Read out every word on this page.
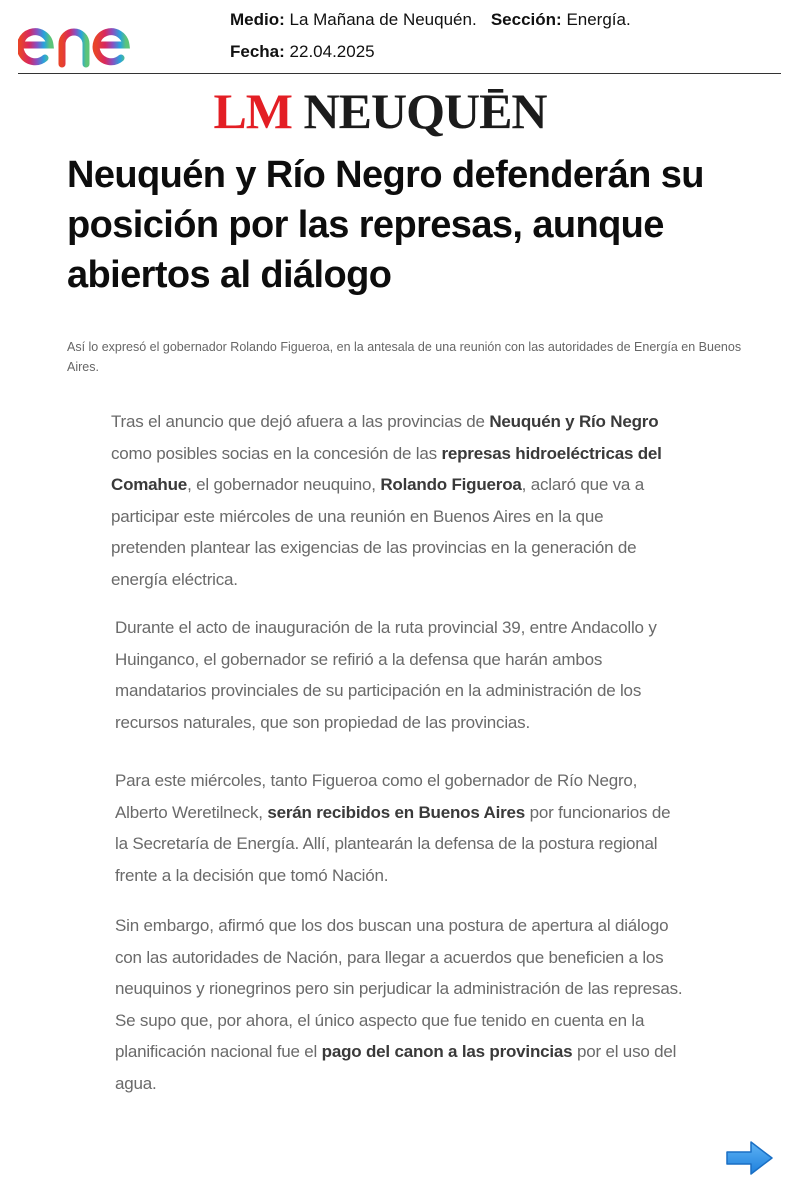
Medio: La Mañana de Neuquén. Sección: Energía.
Fecha: 22.04.2025
LM NEUQUĒN
Neuquén y Río Negro defenderán su posición por las represas, aunque abiertos al diálogo

Así lo expresó el gobernador Rolando Figueroa, en la antesala de una reunión con las autoridades de Energía en Buenos Aires.

Tras el anuncio que dejó afuera a las provincias de Neuquén y Río Negro como posibles socias en la concesión de las represas hidroeléctricas del Comahue, el gobernador neuquino, Rolando Figueroa, aclaró que va a participar este miércoles de una reunión en Buenos Aires en la que pretenden plantear las exigencias de las provincias en la generación de energía eléctrica.

Durante el acto de inauguración de la ruta provincial 39, entre Andacollo y Huinganco, el gobernador se refirió a la defensa que harán ambos mandatarios provinciales de su participación en la administración de los recursos naturales, que son propiedad de las provincias.

Para este miércoles, tanto Figueroa como el gobernador de Río Negro, Alberto Weretilneck, serán recibidos en Buenos Aires por funcionarios de la Secretaría de Energía. Allí, plantearán la defensa de la postura regional frente a la decisión que tomó Nación.

Sin embargo, afirmó que los dos buscan una postura de apertura al diálogo con las autoridades de Nación, para llegar a acuerdos que beneficien a los neuquinos y rionegrinos pero sin perjudicar la administración de las represas. Se supo que, por ahora, el único aspecto que fue tenido en cuenta en la planificación nacional fue el pago del canon a las provincias por el uso del agua.
